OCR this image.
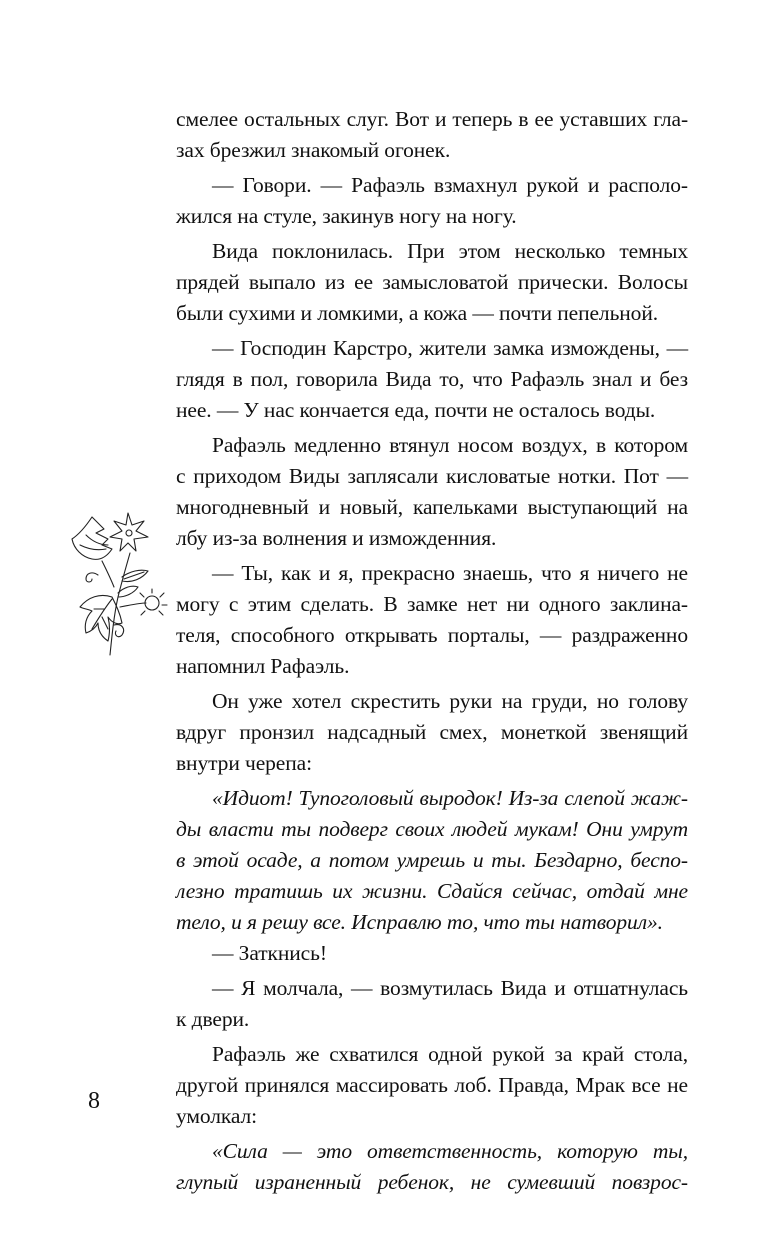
смелее остальных слуг. Вот и теперь в ее уставших гла-
зах брезжил знакомый огонек.
— Говори. — Рафаэль взмахнул рукой и располо-
жился на стуле, закинув ногу на ногу.
Вида поклонилась. При этом несколько темных
прядей выпало из ее замысловатой прически. Волосы
были сухими и ломкими, а кожа — почти пепельной.
— Господин Карстро, жители замка измождены, —
глядя в пол, говорила Вида то, что Рафаэль знал и без
нее. — У нас кончается еда, почти не осталось воды.
Рафаэль медленно втянул носом воздух, в котором
с приходом Виды заплясали кисловатые нотки. Пот —
многодневный и новый, капельками выступающий на
лбу из-за волнения и изможденния.
— Ты, как и я, прекрасно знаешь, что я ничего не
могу с этим сделать. В замке нет ни одного заклина-
теля, способного открывать порталы, — раздраженно
напомнил Рафаэль.
Он уже хотел скрестить руки на груди, но голову
вдруг пронзил надсадный смех, монеткой звенящий
внутри черепа:
«Идиот! Тупоголовый выродок! Из-за слепой жаж-
ды власти ты подверг своих людей мукам! Они умрут
в этой осаде, а потом умрешь и ты. Бездарно, беспо-
лезно тратишь их жизни. Сдайся сейчас, отдай мне
тело, и я решу все. Исправлю то, что ты натворил».
— Заткнись!
— Я молчала, — возмутилась Вида и отшатнулась
к двери.
Рафаэль же схватился одной рукой за край стола,
другой принялся массировать лоб. Правда, Мрак все не
умолкал:
«Сила — это ответственность, которую ты,
глупый израненный ребенок, не сумевший повзрос-
8
